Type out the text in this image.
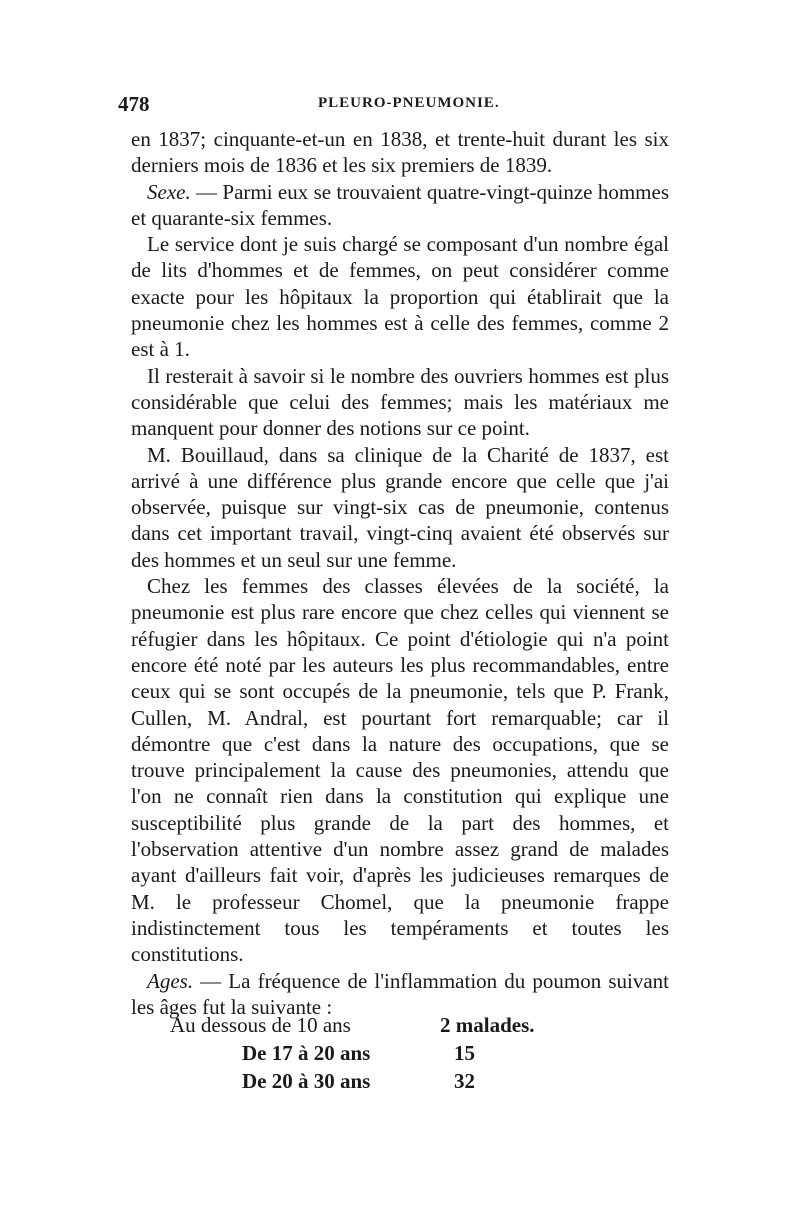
478	PLEURO-PNEUMONIE.

en 1837; cinquante-et-un en 1838, et trente-huit durant les six derniers mois de 1836 et les six premiers de 1839.

Sexe. — Parmi eux se trouvaient quatre-vingt-quinze hommes et quarante-six femmes.

Le service dont je suis chargé se composant d'un nombre égal de lits d'hommes et de femmes, on peut considérer comme exacte pour les hôpitaux la proportion qui établirait que la pneumonie chez les hommes est à celle des femmes, comme 2 est à 1.

Il resterait à savoir si le nombre des ouvriers hommes est plus considérable que celui des femmes; mais les matériaux me manquent pour donner des notions sur ce point.

M. Bouillaud, dans sa clinique de la Charité de 1837, est arrivé à une différence plus grande encore que celle que j'ai observée, puisque sur vingt-six cas de pneumonie, contenus dans cet important travail, vingt-cinq avaient été observés sur des hommes et un seul sur une femme.

Chez les femmes des classes élevées de la société, la pneumonie est plus rare encore que chez celles qui viennent se réfugier dans les hôpitaux. Ce point d'étiologie qui n'a point encore été noté par les auteurs les plus recommandables, entre ceux qui se sont occupés de la pneumonie, tels que P. Frank, Cullen, M. Andral, est pourtant fort remarquable; car il démontre que c'est dans la nature des occupations, que se trouve principalement la cause des pneumonies, attendu que l'on ne connaît rien dans la constitution qui explique une susceptibilité plus grande de la part des hommes, et l'observation attentive d'un nombre assez grand de malades ayant d'ailleurs fait voir, d'après les judicieuses remarques de M. le professeur Chomel, que la pneumonie frappe indistinctement tous les tempéraments et toutes les constitutions.

Ages. — La fréquence de l'inflammation du poumon suivant les âges fut la suivante :

Au dessous de 10 ans	2 malades.
De 17 à 20 ans	15
De 20 à 30 ans	32
